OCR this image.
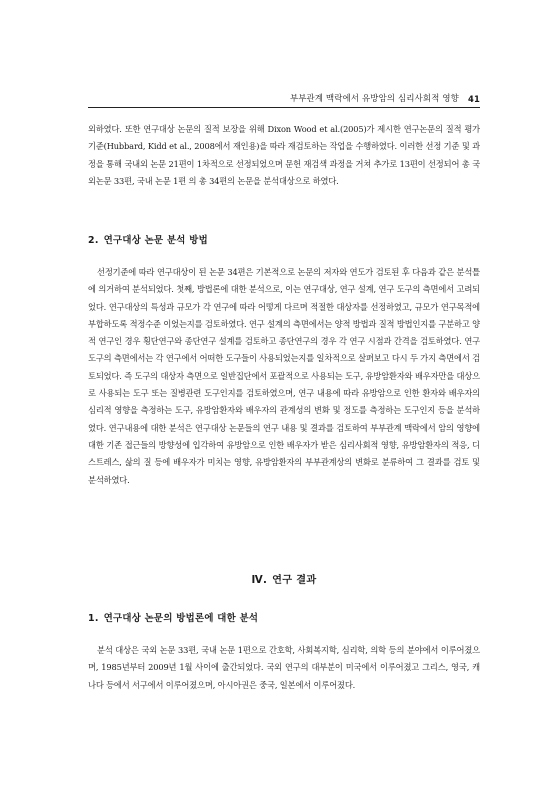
부부관계 맥락에서 유방암의 심리사회적 영향 41

외하였다. 또한 연구대상 논문의 질적 보장을 위해 Dixon Wood et al.(2005)가 제시한 연구논문의 질적 평가 기준(Hubbard, Kidd et al., 2008에서 재인용)을 따라 재검토하는 작업을 수행하였다. 이러한 선정 기준 및 과정을 통해 국내외 논문 21편이 1차적으로 선정되었으며 문헌 재검색 과정을 거쳐 추가로 13편이 선정되어 총 국외논문 33편, 국내 논문 1편 의 총 34편의 논문을 분석대상으로 하였다.

2. 연구대상 논문 분석 방법

선정기준에 따라 연구대상이 된 논문 34편은 기본적으로 논문의 저자와 연도가 검토된 후 다음과 같은 분석틀에 의거하여 분석되었다. 첫째, 방법론에 대한 분석으로, 이는 연구대상, 연구 설계, 연구 도구의 측면에서 고려되었다. 연구대상의 특성과 규모가 각 연구에 따라 어떻게 다르며 적절한 대상자를 선정하였고, 규모가 연구목적에 부합하도록 적정수준 이었는지를 검토하였다. 연구 설계의 측면에서는 양적 방법과 질적 방법인지를 구분하고 양적 연구인 경우 횡단연구와 종단연구 설계를 검토하고 종단연구의 경우 각 연구 시점과 간격을 검토하였다. 연구 도구의 측면에서는 각 연구에서 어떠한 도구들이 사용되었는지를 일차적으로 살펴보고 다시 두 가지 측면에서 검토되었다. 즉 도구의 대상자 측면으로 일반집단에서 포괄적으로 사용되는 도구, 유방암환자와 배우자만을 대상으로 사용되는 도구 또는 질병관련 도구인지를 검토하였으며, 연구 내용에 따라 유방암으로 인한 환자와 배우자의 심리적 영향을 측정하는 도구, 유방암환자와 배우자의 관계성의 변화 및 정도를 측정하는 도구인지 등을 분석하였다. 연구내용에 대한 분석은 연구대상 논문들의 연구 내용 및 결과를 검토하여 부부관계 맥락에서 암의 영향에 대한 기존 접근들의 방향성에 입각하여 유방암으로 인한 배우자가 받은 심리사회적 영향, 유방암환자의 적응, 디스트레스, 삶의 질 등에 배우자가 미치는 영향, 유방암환자의 부부관계상의 변화로 분류하여 그 결과를 검토 및 분석하였다.

Ⅳ. 연구 결과
1. 연구대상 논문의 방법론에 대한 분석

분석 대상은 국외 논문 33편, 국내 논문 1편으로 간호학, 사회복지학, 심리학, 의학 등의 분야에서 이루어졌으며, 1985년부터 2009년 1월 사이에 출간되었다. 국외 연구의 대부분이 미국에서 이루어졌고 그리스, 영국, 캐나다 등에서 서구에서 이루어졌으며, 아시아권은 중국, 일본에서 이루어졌다.
